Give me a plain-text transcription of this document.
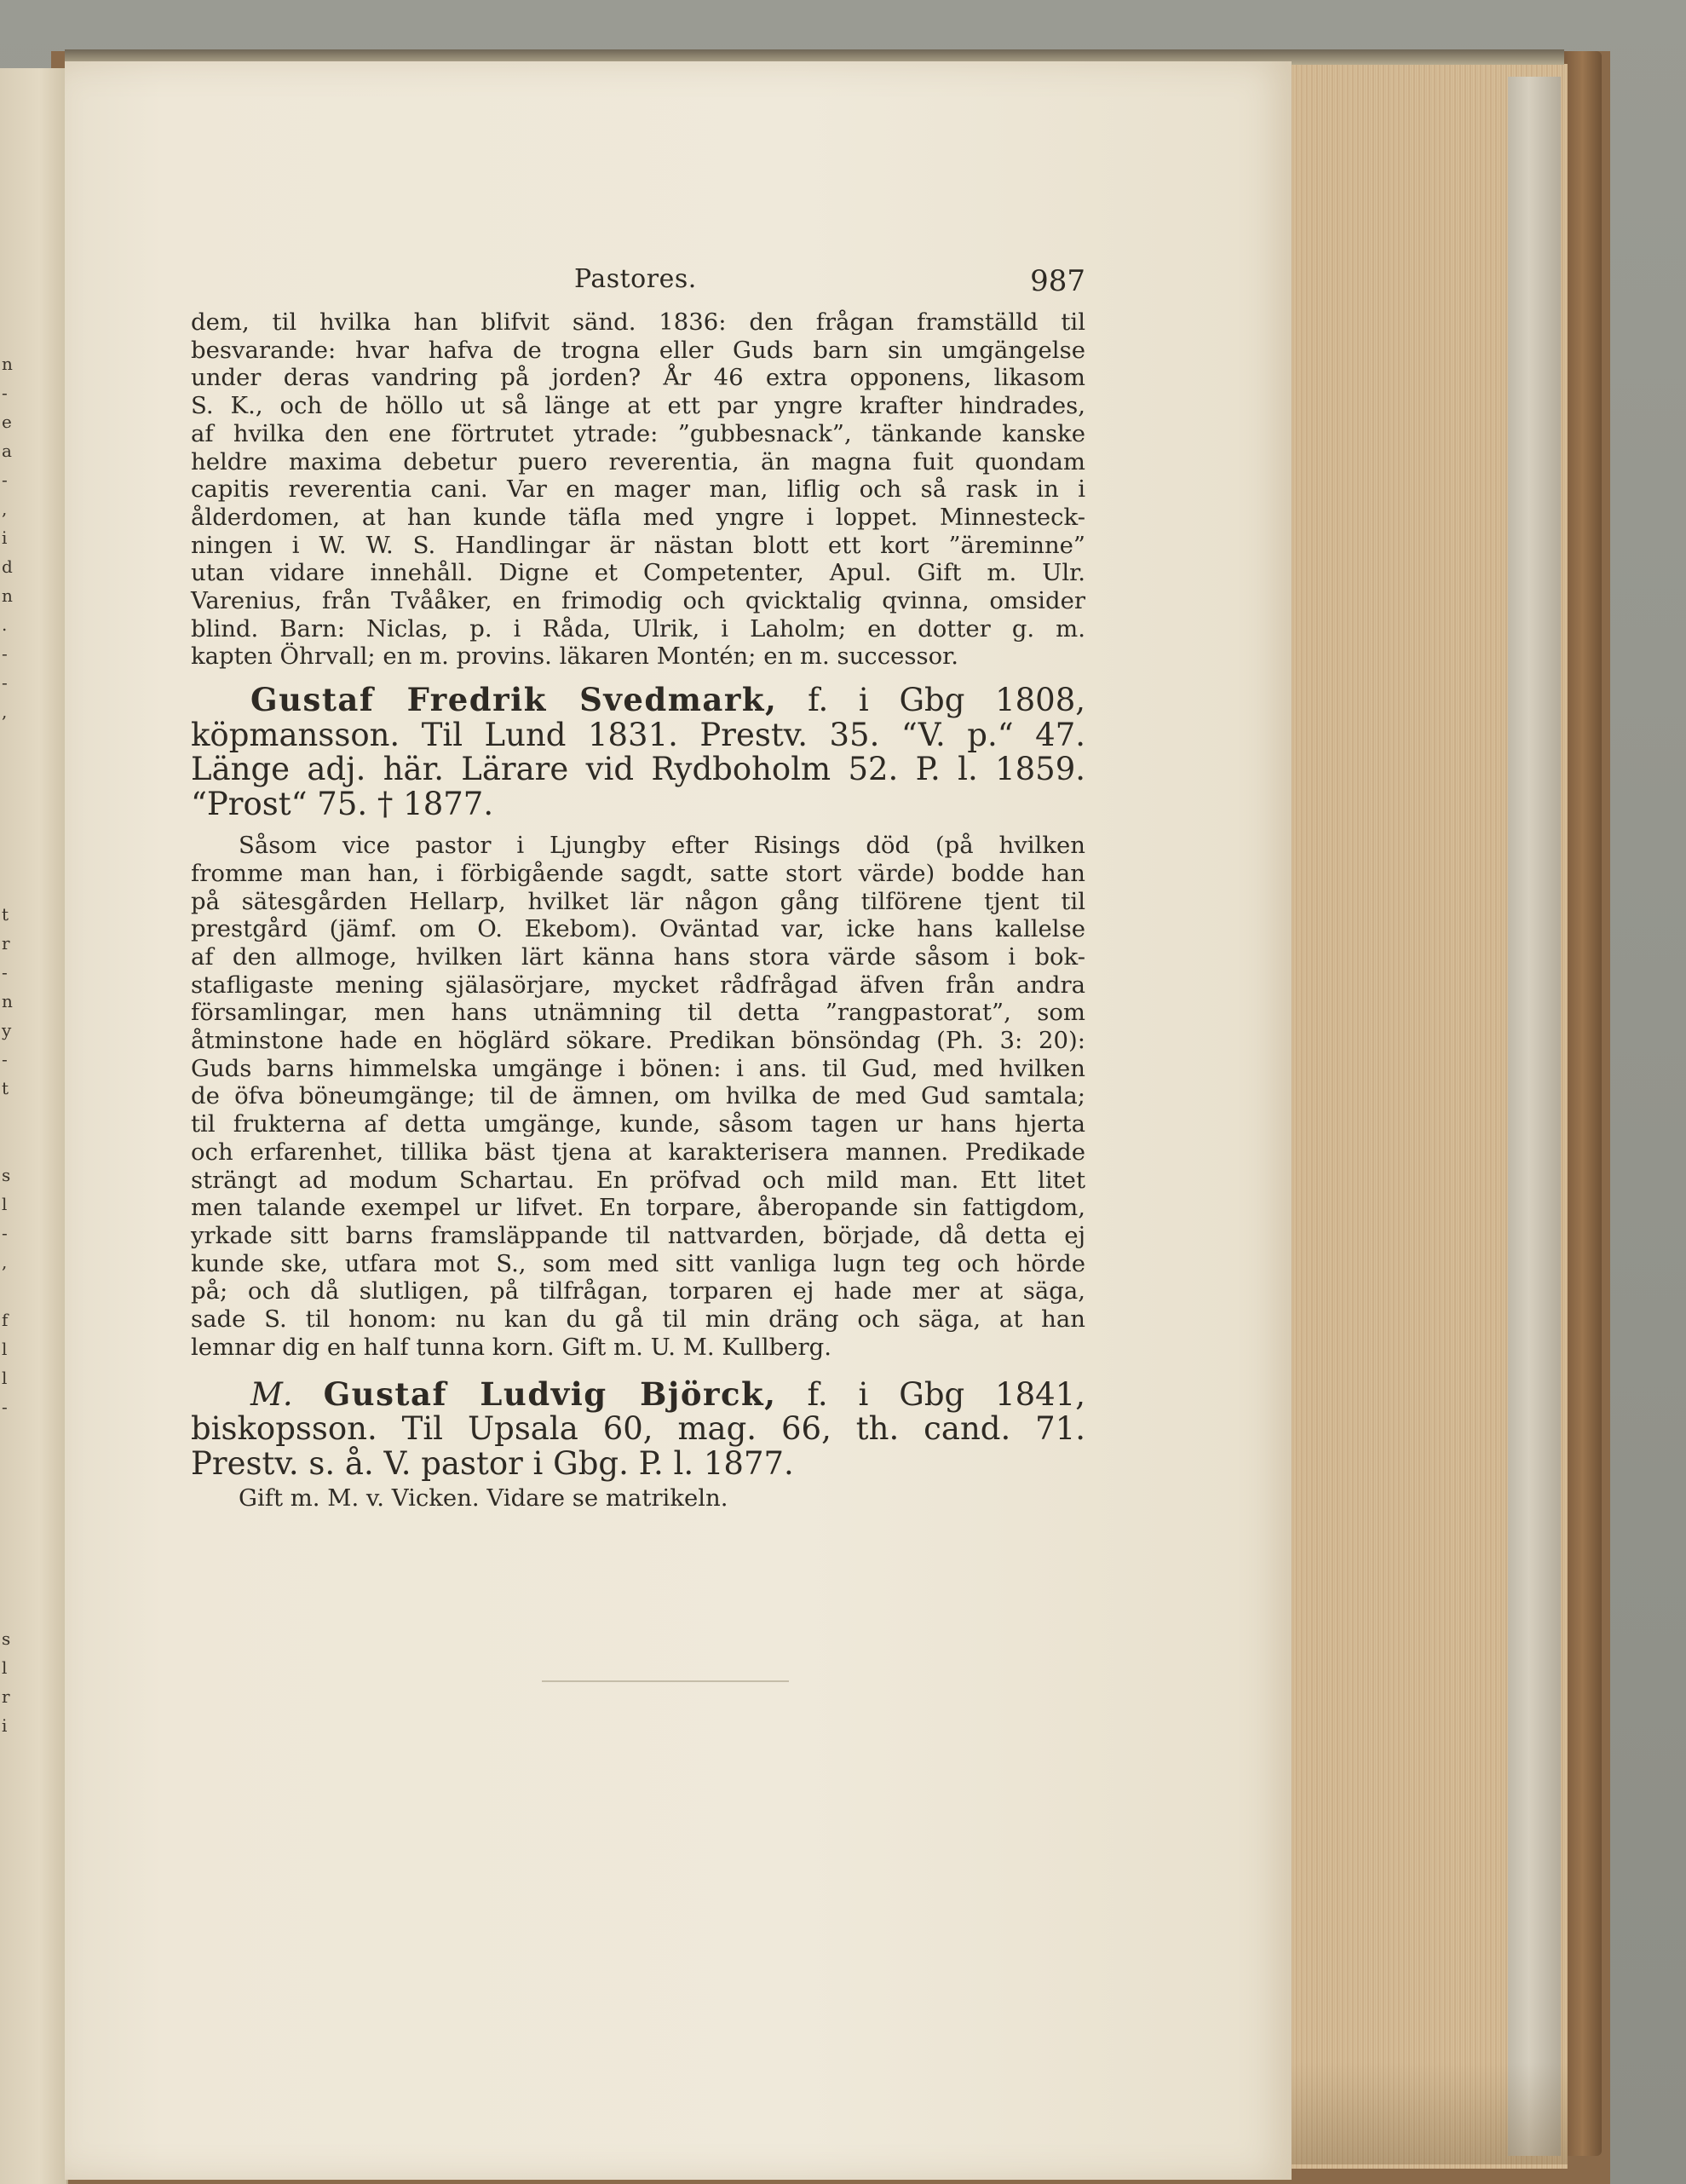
n
-
e
a
-
,
i
d
n
.
-
-
,

t
r
-
n
y
-
t

s
l
-
,

f
l
l
-

s
l
r
i
Pastores.	987

dem, til hvilka han blifvit sänd. 1836: den frågan framställd til

besvarande: hvar hafva de trogna eller Guds barn sin umgängelse

under deras vandring på jorden? År 46 extra opponens, likasom

S. K., och de höllo ut så länge at ett par yngre krafter hindrades,

af hvilka den ene förtrutet ytrade: ”gubbesnack”, tänkande kanske

heldre maxima debetur puero reverentia, än magna fuit quondam

capitis reverentia cani. Var en mager man, liflig och så rask in i

ålderdomen, at han kunde täfla med yngre i loppet. Minnesteck-

ningen i W. W. S. Handlingar är nästan blott ett kort ”äreminne”

utan vidare innehåll. Digne et Competenter, Apul. Gift m. Ulr.

Varenius, från Tvååker, en frimodig och qvicktalig qvinna, omsider

blind. Barn: Niclas, p. i Råda, Ulrik, i Laholm; en dotter g. m.

kapten Öhrvall; en m. provins. läkaren Montén; en m. successor.

Gustaf Fredrik Svedmark, f. i Gbg 1808, köpmansson. Til Lund 1831. Prestv. 35. “V. p.“ 47. Länge adj. här. Lärare vid Rydboholm 52. P. l. 1859. “Prost“ 75. † 1877.

Såsom vice pastor i Ljungby efter Risings död (på hvilken

fromme man han, i förbigående sagdt, satte stort värde) bodde han

på sätesgården Hellarp, hvilket lär någon gång tilförene tjent til

prestgård (jämf. om O. Ekebom). Oväntad var, icke hans kallelse

af den allmoge, hvilken lärt känna hans stora värde såsom i bok-

stafligaste mening själasörjare, mycket rådfrågad äfven från andra

församlingar, men hans utnämning til detta ”rangpastorat”, som

åtminstone hade en höglärd sökare. Predikan bönsöndag (Ph. 3: 20):

Guds barns himmelska umgänge i bönen: i ans. til Gud, med hvilken

de öfva böneumgänge; til de ämnen, om hvilka de med Gud samtala;

til frukterna af detta umgänge, kunde, såsom tagen ur hans hjerta

och erfarenhet, tillika bäst tjena at karakterisera mannen. Predikade

strängt ad modum Schartau. En pröfvad och mild man. Ett litet

men talande exempel ur lifvet. En torpare, åberopande sin fattigdom,

yrkade sitt barns framsläppande til nattvarden, började, då detta ej

kunde ske, utfara mot S., som med sitt vanliga lugn teg och hörde

på; och då slutligen, på tilfrågan, torparen ej hade mer at säga,

sade S. til honom: nu kan du gå til min dräng och säga, at han

lemnar dig en half tunna korn. Gift m. U. M. Kullberg.

M. Gustaf Ludvig Björck, f. i Gbg 1841, biskopsson. Til Upsala 60, mag. 66, th. cand. 71. Prestv. s. å. V. pastor i Gbg. P. l. 1877.

Gift m. M. v. Vicken. Vidare se matrikeln.
